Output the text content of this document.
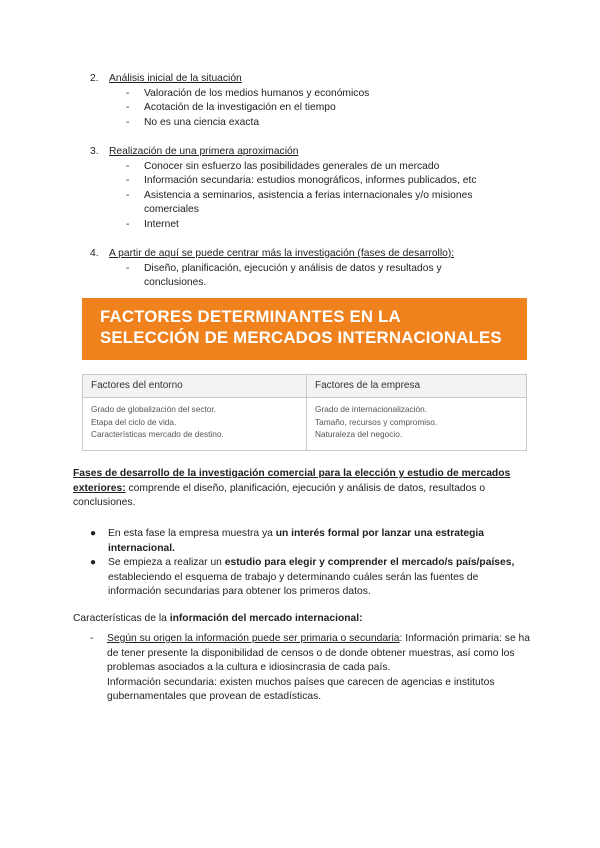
2. Análisis inicial de la situación
- Valoración de los medios humanos y económicos
- Acotación de la investigación en el tiempo
- No es una ciencia exacta
3. Realización de una primera aproximación
- Conocer sin esfuerzo las posibilidades generales de un mercado
- Información secundaria: estudios monográficos, informes publicados, etc
- Asistencia a seminarios, asistencia a ferias internacionales y/o misiones comerciales
- Internet
4. A partir de aquí se puede centrar más la investigación (fases de desarrollo):
- Diseño, planificación, ejecución y análisis de datos y resultados y conclusiones.
FACTORES DETERMINANTES EN LA
SELECCIÓN DE MERCADOS INTERNACIONALES
Factores del entorno
Grado de globalización del sector.
Etapa del ciclo de vida.
Características mercado de destino.
Factores de la empresa
Grado de internacionalización.
Tamaño, recursos y compromiso.
Naturaleza del negocio.
Fases de desarrollo de la investigación comercial para la elección y estudio de mercados exteriores: comprende el diseño, planificación, ejecución y análisis de datos, resultados o conclusiones.
● En esta fase la empresa muestra ya un interés formal por lanzar una estrategia internacional.
● Se empieza a realizar un estudio para elegir y comprender el mercado/s país/países, estableciendo el esquema de trabajo y determinando cuáles serán las fuentes de información secundarias para obtener los primeros datos.
Características de la información del mercado internacional:
- Según su origen la información puede ser primaria o secundaria: Información primaria: se ha de tener presente la disponibilidad de censos o de donde obtener muestras, así como los problemas asociados a la cultura e idiosincrasia de cada país.
Información secundaria: existen muchos países que carecen de agencias e institutos gubernamentales que provean de estadísticas.
